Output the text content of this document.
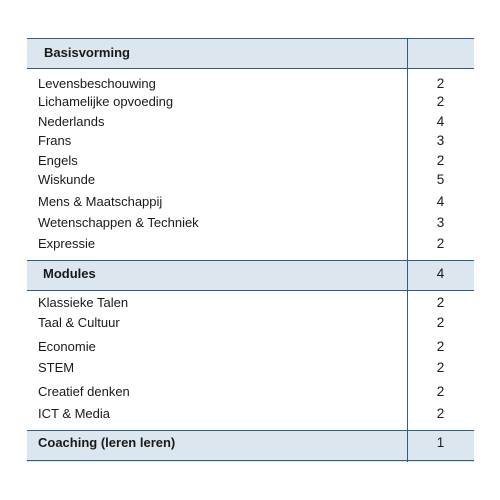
Basisvorming
Levensbeschouwing	2
Lichamelijke opvoeding	2
Nederlands	4
Frans	3
Engels	2
Wiskunde	5
Mens & Maatschappij	4
Wetenschappen & Techniek	3
Expressie	2
Modules	4
Klassieke Talen	2
Taal & Cultuur	2
Economie	2
STEM	2
Creatief denken	2
ICT & Media	2
Coaching (leren leren)	1
